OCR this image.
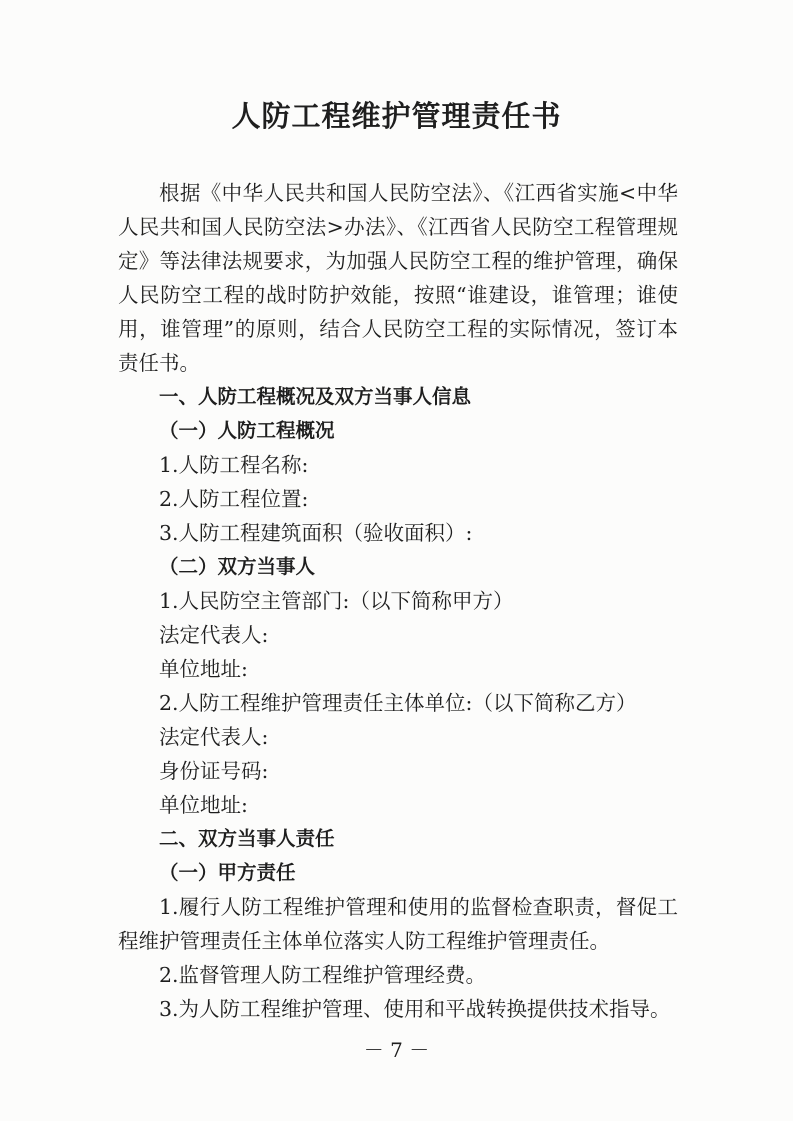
人防工程维护管理责任书

根据《中华人民共和国人民防空法》、《江西省实施<中华人民共和国人民防空法>办法》、《江西省人民防空工程管理规定》等法律法规要求，为加强人民防空工程的维护管理，确保人民防空工程的战时防护效能，按照“谁建设，谁管理；谁使用，谁管理”的原则，结合人民防空工程的实际情况，签订本责任书。

一、人防工程概况及双方当事人信息

（一）人防工程概况

1.人防工程名称:

2.人防工程位置:

3.人防工程建筑面积（验收面积）:

（二）双方当事人

1.人民防空主管部门:（以下简称甲方）

法定代表人:

单位地址:

2.人防工程维护管理责任主体单位:（以下简称乙方）

法定代表人:

身份证号码:

单位地址:

二、双方当事人责任

（一）甲方责任

1.履行人防工程维护管理和使用的监督检查职责，督促工程维护管理责任主体单位落实人防工程维护管理责任。

2.监督管理人防工程维护管理经费。

3.为人防工程维护管理、使用和平战转换提供技术指导。

－ 7 －
